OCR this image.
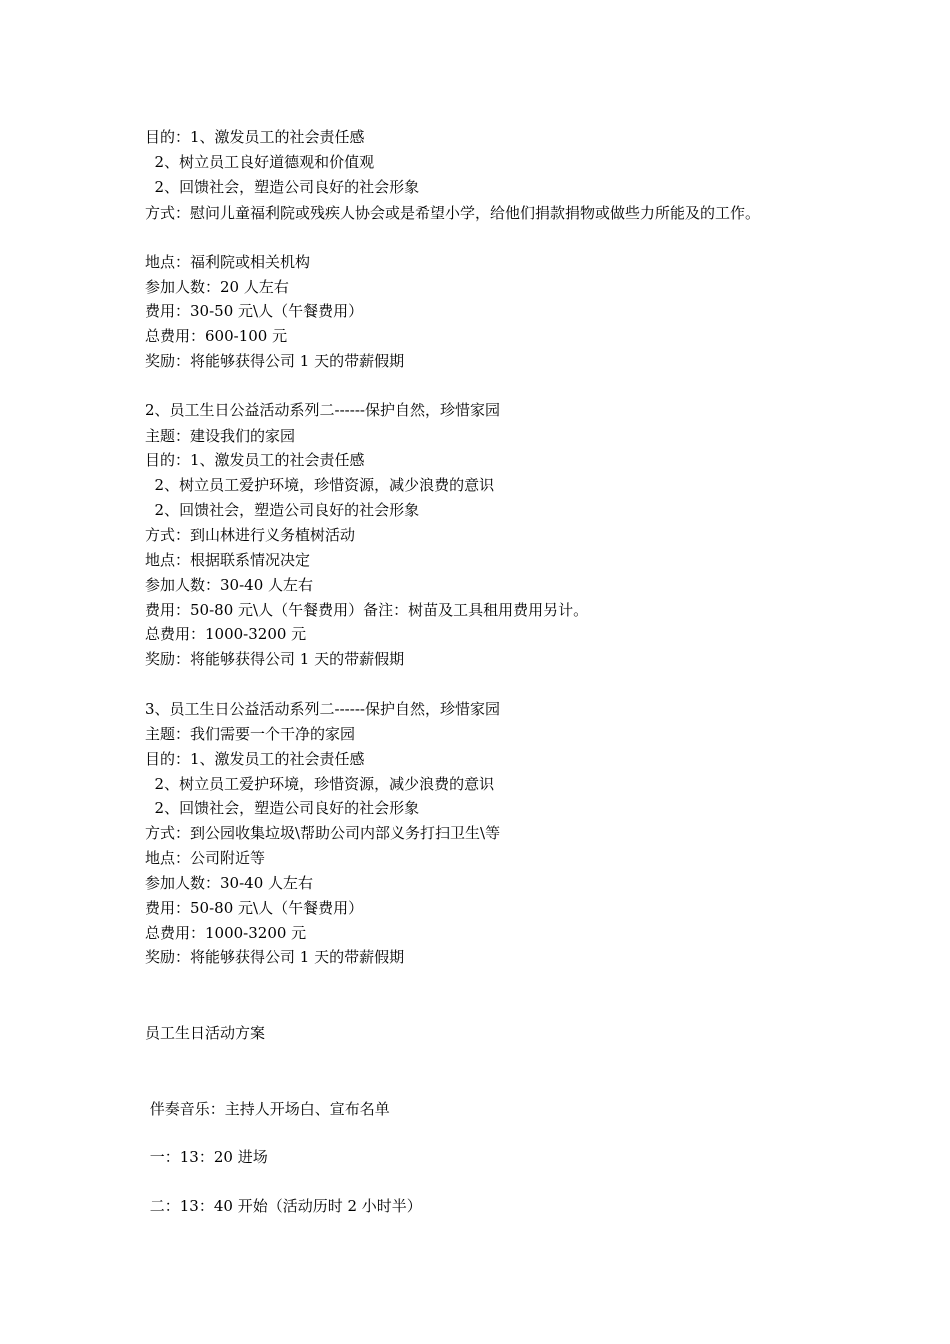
目的：1、激发员工的社会责任感
2、树立员工良好道德观和价值观
2、回馈社会，塑造公司良好的社会形象
方式：慰问儿童福利院或残疾人协会或是希望小学，给他们捐款捐物或做些力所能及的工作。
地点：福利院或相关机构
参加人数：20 人左右
费用：30-50 元\人（午餐费用）
总费用：600-100 元
奖励：将能够获得公司 1 天的带薪假期
2、员工生日公益活动系列二------保护自然，珍惜家园
主题：建设我们的家园
目的：1、激发员工的社会责任感
2、树立员工爱护环境，珍惜资源，减少浪费的意识
2、回馈社会，塑造公司良好的社会形象
方式：到山林进行义务植树活动
地点：根据联系情况决定
参加人数：30-40 人左右
费用：50-80 元\人（午餐费用）备注：树苗及工具租用费用另计。
总费用：1000-3200 元
奖励：将能够获得公司 1 天的带薪假期
3、员工生日公益活动系列二------保护自然，珍惜家园
主题：我们需要一个干净的家园
目的：1、激发员工的社会责任感
2、树立员工爱护环境，珍惜资源，减少浪费的意识
2、回馈社会，塑造公司良好的社会形象
方式：到公园收集垃圾\帮助公司内部义务打扫卫生\等
地点：公司附近等
参加人数：30-40 人左右
费用：50-80 元\人（午餐费用）
总费用：1000-3200 元
奖励：将能够获得公司 1 天的带薪假期
员工生日活动方案
伴奏音乐：主持人开场白、宣布名单
一：13：20 进场
二：13：40 开始（活动历时 2 小时半）
